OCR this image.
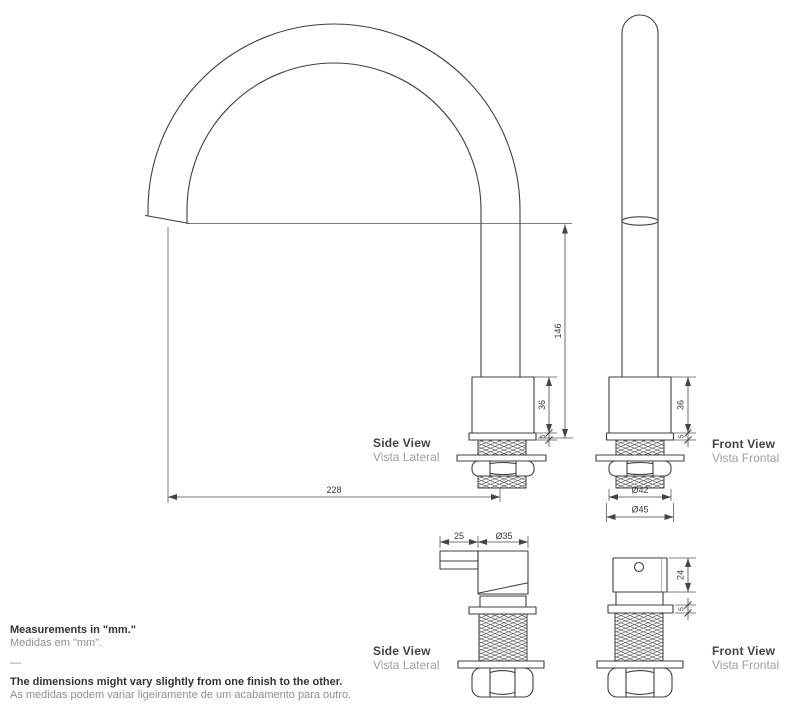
146
36
5
228	Ø42
Ø45
36
5
25	Ø35
24
5
Side View
Vista Lateral
Front View
Vista Frontal
Side View
Vista Lateral
Front View
Vista Frontal
Measurements in "mm."
Medidas em "mm".
—
The dimensions might vary slightly from one finish to the other.
As medidas podem variar ligeiramente de um acabamento para outro.
